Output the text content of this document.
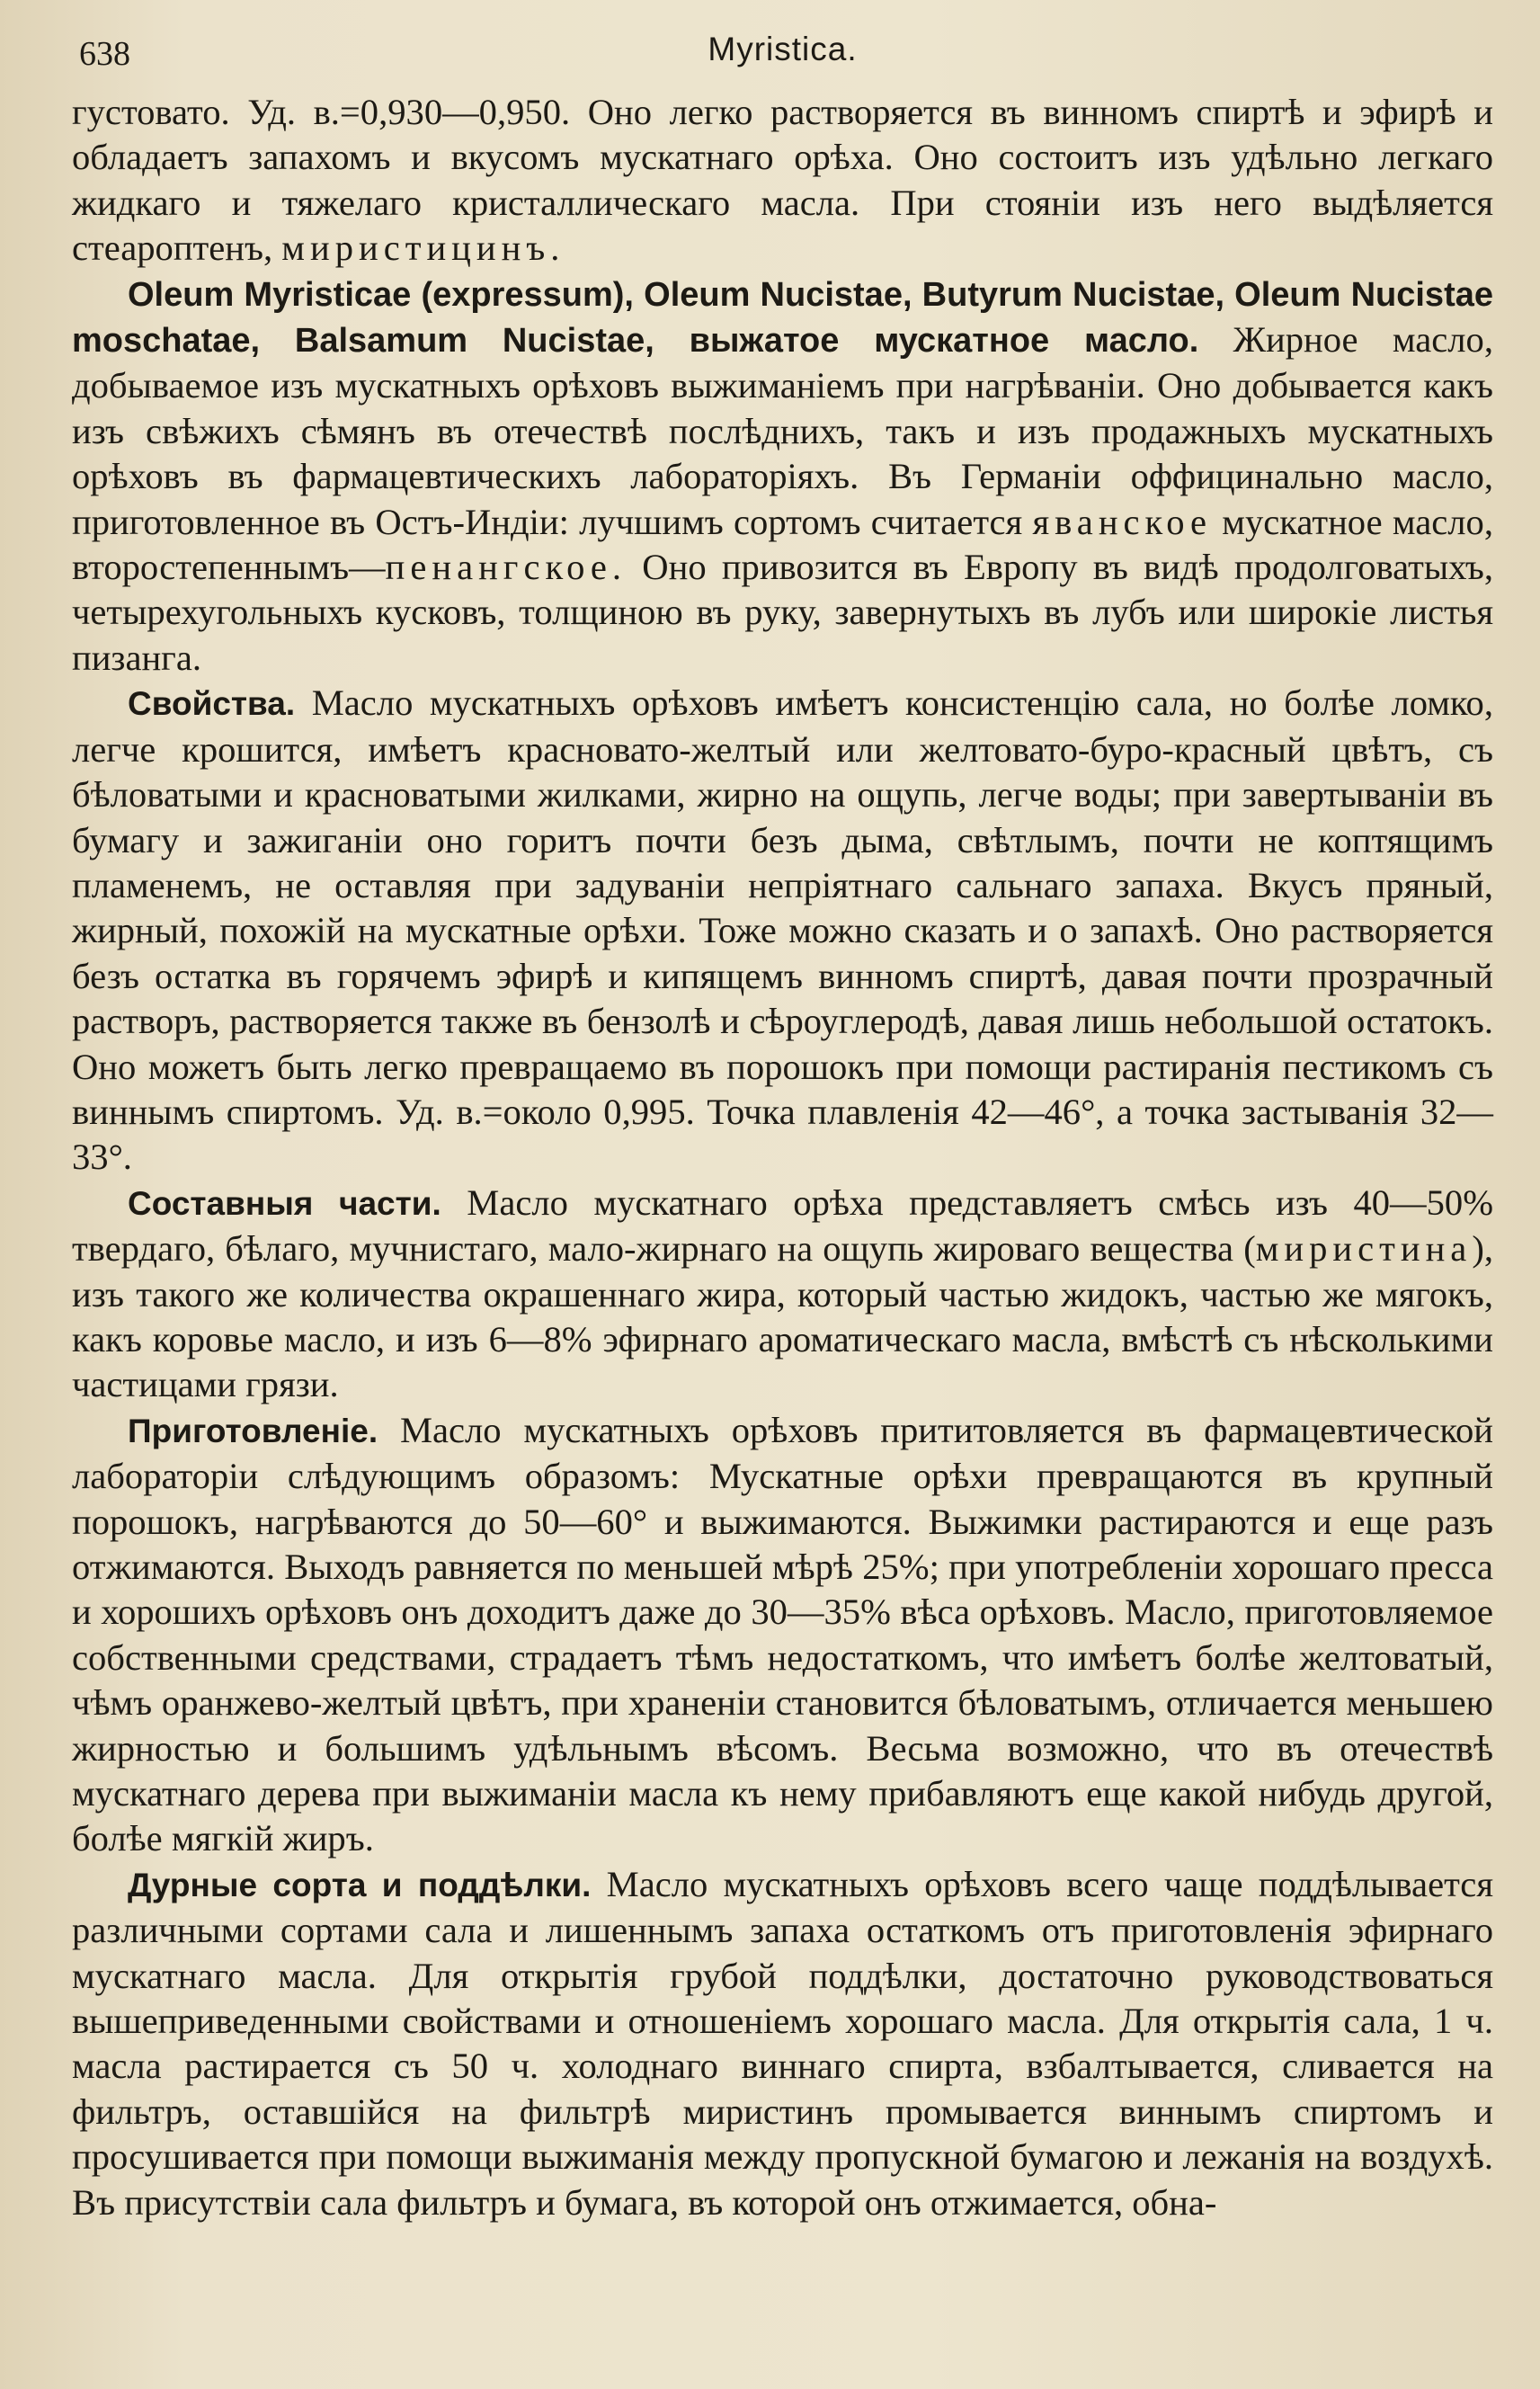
638	Myristica.

густовато. Уд. в.=0,930—0,950. Оно легко растворяется въ винномъ спиртѣ и эфирѣ и обладаетъ запахомъ и вкусомъ мускатнаго орѣха. Оно состоитъ изъ удѣльно легкаго жидкаго и тяжелаго кристаллическаго масла. При стояніи изъ него выдѣляется стеароптенъ, миристицинъ.

Oleum Myristicae (expressum), Oleum Nucistae, Butyrum Nucistae, Oleum Nucistae moschatae, Balsamum Nucistae, выжатое мускатное масло. Жирное масло, добываемое изъ мускатныхъ орѣховъ выжиманіемъ при нагрѣваніи. Оно добывается какъ изъ свѣжихъ сѣмянъ въ отечествѣ послѣднихъ, такъ и изъ продажныхъ мускатныхъ орѣховъ въ фармацевтическихъ лабораторіяхъ. Въ Германіи оффицинально масло, приготовленное въ Остъ-Индіи: лучшимъ сортомъ считается яванское мускатное масло, второстепеннымъ—пенангское. Оно привозится въ Европу въ видѣ продолговатыхъ, четырехугольныхъ кусковъ, толщиною въ руку, завернутыхъ въ лубъ или широкіе листья пизанга.

Свойства. Масло мускатныхъ орѣховъ имѣетъ консистенцію сала, но болѣе ломко, легче крошится, имѣетъ красновато-желтый или желтовато-буро-красный цвѣтъ, съ бѣловатыми и красноватыми жилками, жирно на ощупь, легче воды; при завертываніи въ бумагу и зажиганіи оно горитъ почти безъ дыма, свѣтлымъ, почти не коптящимъ пламенемъ, не оставляя при задуваніи непріятнаго сальнаго запаха. Вкусъ пряный, жирный, похожій на мускатные орѣхи. Тоже можно сказать и о запахѣ. Оно растворяется безъ остатка въ горячемъ эфирѣ и кипящемъ винномъ спиртѣ, давая почти прозрачный растворъ, растворяется также въ бензолѣ и сѣроуглеродѣ, давая лишь небольшой остатокъ. Оно можетъ быть легко превращаемо въ порошокъ при помощи растиранія пестикомъ съ виннымъ спиртомъ. Уд. в.=около 0,995. Точка плавленія 42—46°, а точка застыванія 32—33°.

Составныя части. Масло мускатнаго орѣха представляетъ смѣсь изъ 40—50% твердаго, бѣлаго, мучнистаго, мало-жирнаго на ощупь жироваго вещества (миристина), изъ такого же количества окрашеннаго жира, который частью жидокъ, частью же мягокъ, какъ коровье масло, и изъ 6—8% эфирнаго ароматическаго масла, вмѣстѣ съ нѣсколькими частицами грязи.

Приготовленіе. Масло мускатныхъ орѣховъ прититовляется въ фармацевтической лабораторіи слѣдующимъ образомъ: Мускатные орѣхи превращаются въ крупный порошокъ, нагрѣваются до 50—60° и выжимаются. Выжимки растираются и еще разъ отжимаются. Выходъ равняется по меньшей мѣрѣ 25%; при употребленіи хорошаго пресса и хорошихъ орѣховъ онъ доходитъ даже до 30—35% вѣса орѣховъ. Масло, приготовляемое собственными средствами, страдаетъ тѣмъ недостаткомъ, что имѣетъ болѣе желтоватый, чѣмъ оранжево-желтый цвѣтъ, при храненіи становится бѣловатымъ, отличается меньшею жирностью и большимъ удѣльнымъ вѣсомъ. Весьма возможно, что въ отечествѣ мускатнаго дерева при выжиманіи масла къ нему прибавляютъ еще какой нибудь другой, болѣе мягкій жиръ.

Дурные сорта и поддѣлки. Масло мускатныхъ орѣховъ всего чаще поддѣлывается различными сортами сала и лишеннымъ запаха остаткомъ отъ приготовленія эфирнаго мускатнаго масла. Для открытія грубой поддѣлки, достаточно руководствоваться вышеприведенными свойствами и отношеніемъ хорошаго масла. Для открытія сала, 1 ч. масла растирается съ 50 ч. холоднаго виннаго спирта, взбалтывается, сливается на фильтръ, оставшійся на фильтрѣ миристинъ промывается виннымъ спиртомъ и просушивается при помощи выжиманія между пропускной бумагою и лежанія на воздухѣ. Въ присутствіи сала фильтръ и бумага, въ которой онъ отжимается, обна-
